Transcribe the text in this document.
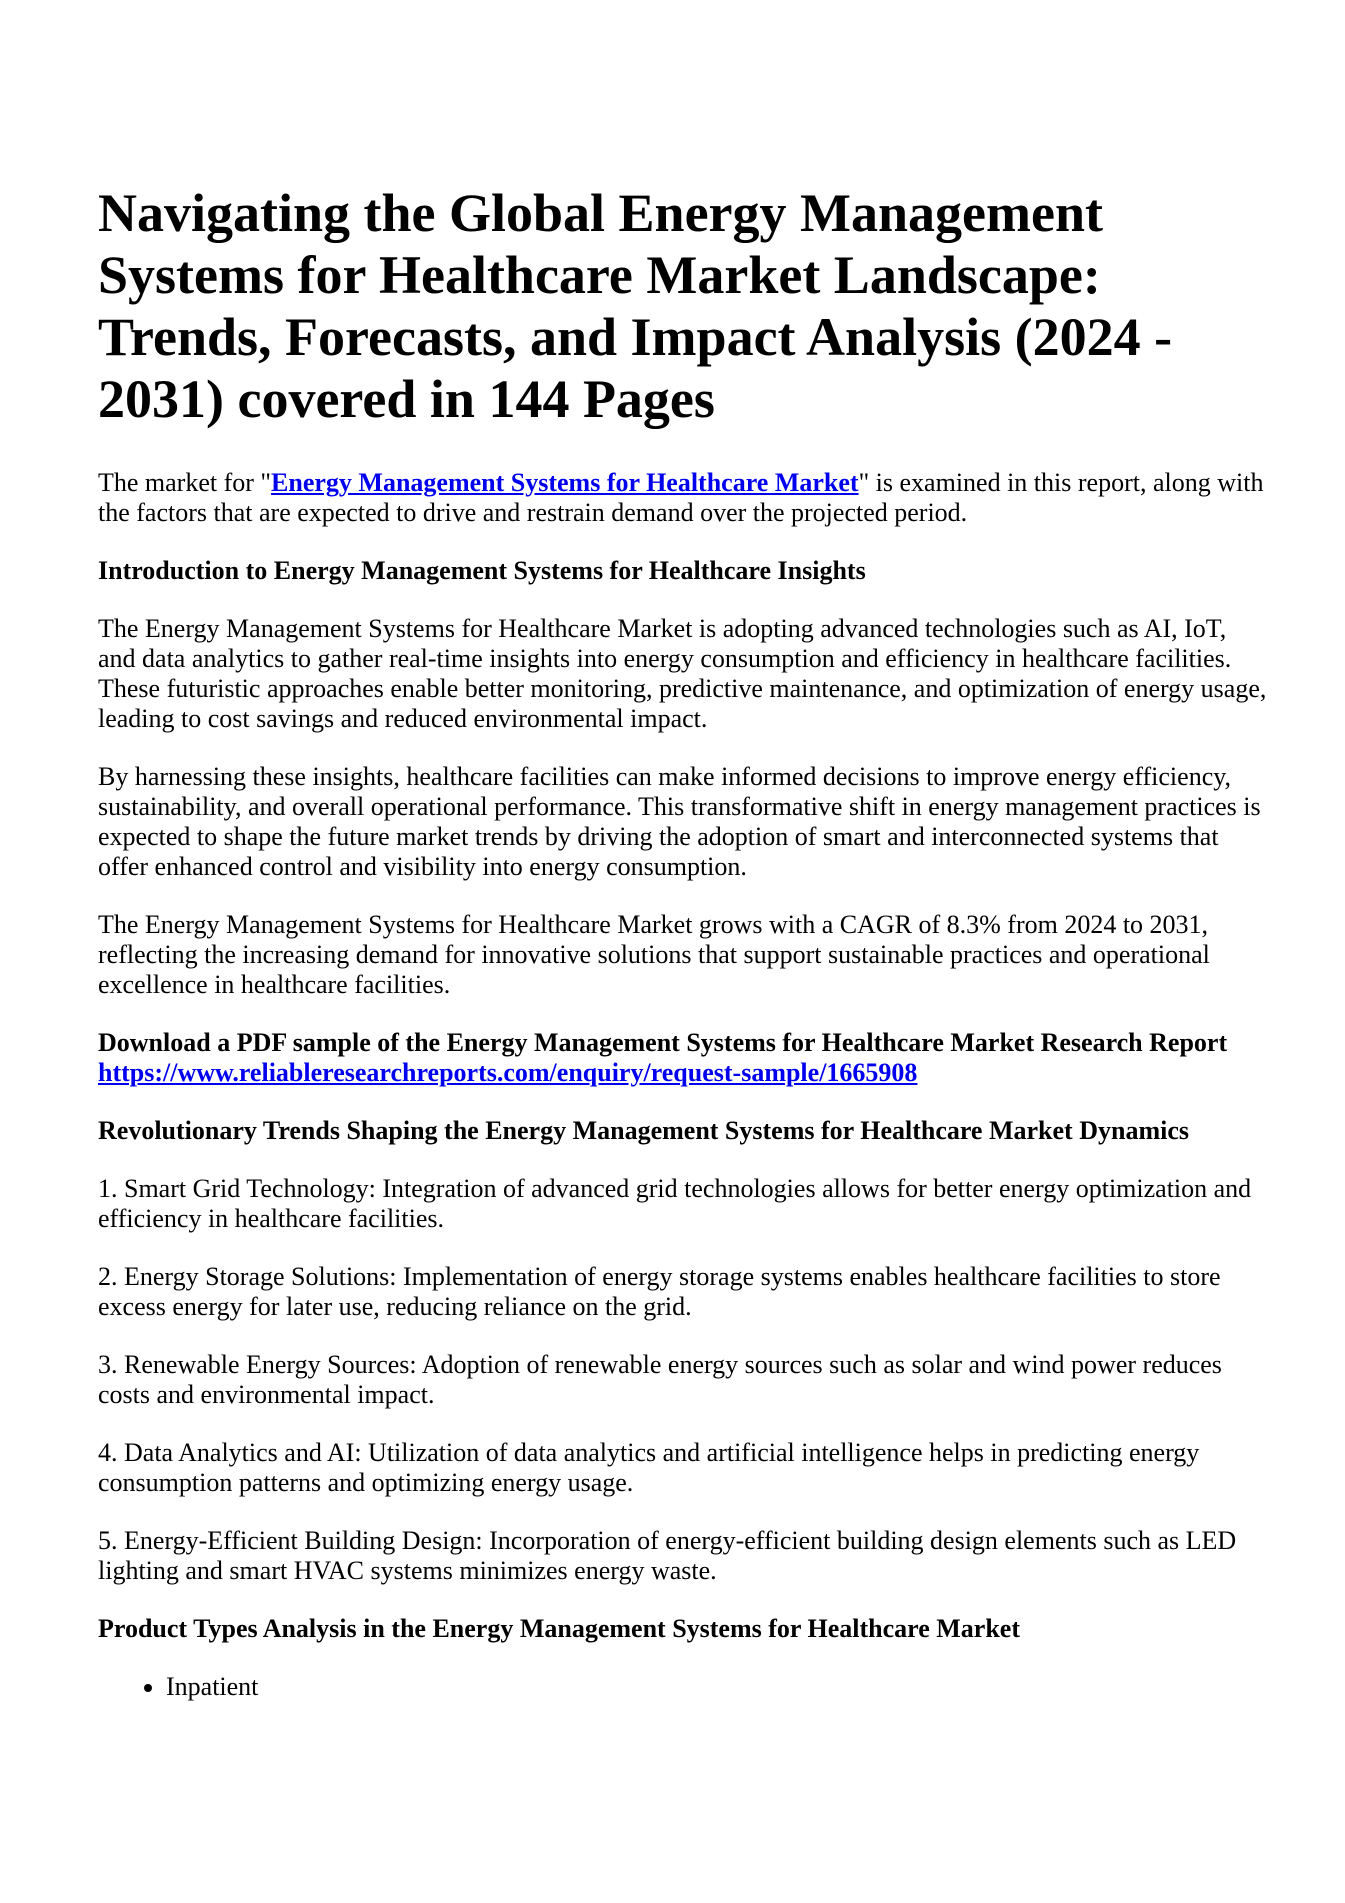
Navigating the Global Energy Management Systems for Healthcare Market Landscape: Trends, Forecasts, and Impact Analysis (2024 - 2031) covered in 144 Pages

The market for "Energy Management Systems for Healthcare Market" is examined in this report, along with the factors that are expected to drive and restrain demand over the projected period.

Introduction to Energy Management Systems for Healthcare Insights

The Energy Management Systems for Healthcare Market is adopting advanced technologies such as AI, IoT, and data analytics to gather real-time insights into energy consumption and efficiency in healthcare facilities. These futuristic approaches enable better monitoring, predictive maintenance, and optimization of energy usage, leading to cost savings and reduced environmental impact.

By harnessing these insights, healthcare facilities can make informed decisions to improve energy efficiency, sustainability, and overall operational performance. This transformative shift in energy management practices is expected to shape the future market trends by driving the adoption of smart and interconnected systems that offer enhanced control and visibility into energy consumption.

The Energy Management Systems for Healthcare Market grows with a CAGR of 8.3% from 2024 to 2031, reflecting the increasing demand for innovative solutions that support sustainable practices and operational excellence in healthcare facilities.

Download a PDF sample of the Energy Management Systems for Healthcare Market Research Report https://www.reliableresearchreports.com/enquiry/request-sample/1665908

Revolutionary Trends Shaping the Energy Management Systems for Healthcare Market Dynamics

1. Smart Grid Technology: Integration of advanced grid technologies allows for better energy optimization and efficiency in healthcare facilities.

2. Energy Storage Solutions: Implementation of energy storage systems enables healthcare facilities to store excess energy for later use, reducing reliance on the grid.

3. Renewable Energy Sources: Adoption of renewable energy sources such as solar and wind power reduces costs and environmental impact.

4. Data Analytics and AI: Utilization of data analytics and artificial intelligence helps in predicting energy consumption patterns and optimizing energy usage.

5. Energy-Efficient Building Design: Incorporation of energy-efficient building design elements such as LED lighting and smart HVAC systems minimizes energy waste.

Product Types Analysis in the Energy Management Systems for Healthcare Market

• Inpatient
